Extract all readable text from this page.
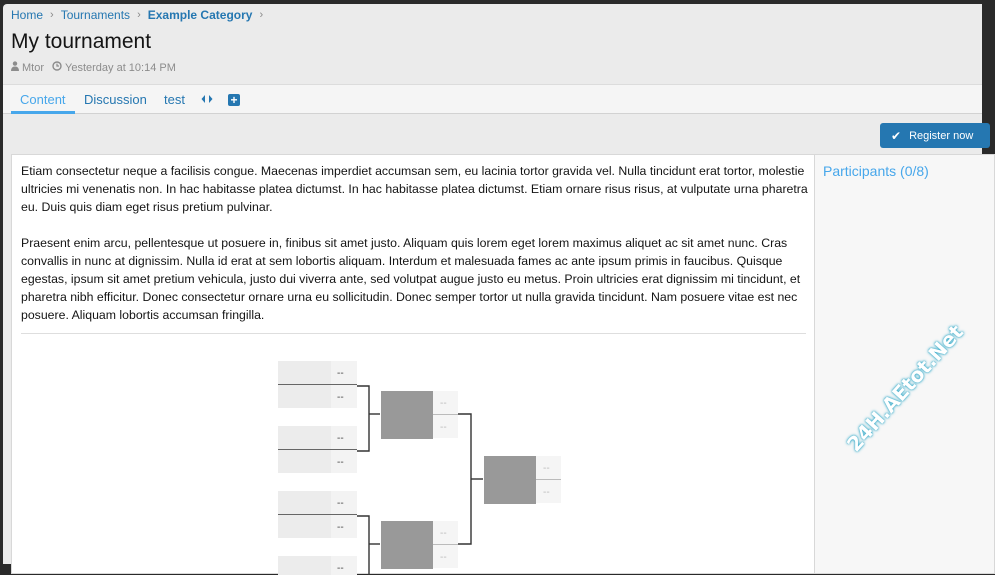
Home › Tournaments › Example Category ›
My tournament
Mtor Yesterday at 10:14 PM
Content Discussion test	+
✔ Register now
Etiam consectetur neque a facilisis congue. Maecenas imperdiet accumsan sem, eu lacinia tortor gravida vel. Nulla tincidunt erat tortor, molestie ultricies mi venenatis non. In hac habitasse platea dictumst. In hac habitasse platea dictumst. Etiam ornare risus risus, at vulputate urna pharetra eu. Duis quis diam eget risus pretium pulvinar.
Praesent enim arcu, pellentesque ut posuere in, finibus sit amet justo. Aliquam quis lorem eget lorem maximus aliquet ac sit amet nunc. Cras convallis in nunc at dignissim. Nulla id erat at sem lobortis aliquam. Interdum et malesuada fames ac ante ipsum primis in faucibus. Quisque egestas, ipsum sit amet pretium vehicula, justo dui viverra ante, sed volutpat augue justo eu metus. Proin ultricies erat dignissim mi tincidunt, et pharetra nibh efficitur. Donec consectetur ornare urna eu sollicitudin. Donec semper tortor ut nulla gravida tincidunt. Nam posuere vitae est nec posuere. Aliquam lobortis accumsan fringilla.
--
--
--
--
--
--
--
--
--
--
--
--
--
Participants (0/8)
24H.AEtot.Net
